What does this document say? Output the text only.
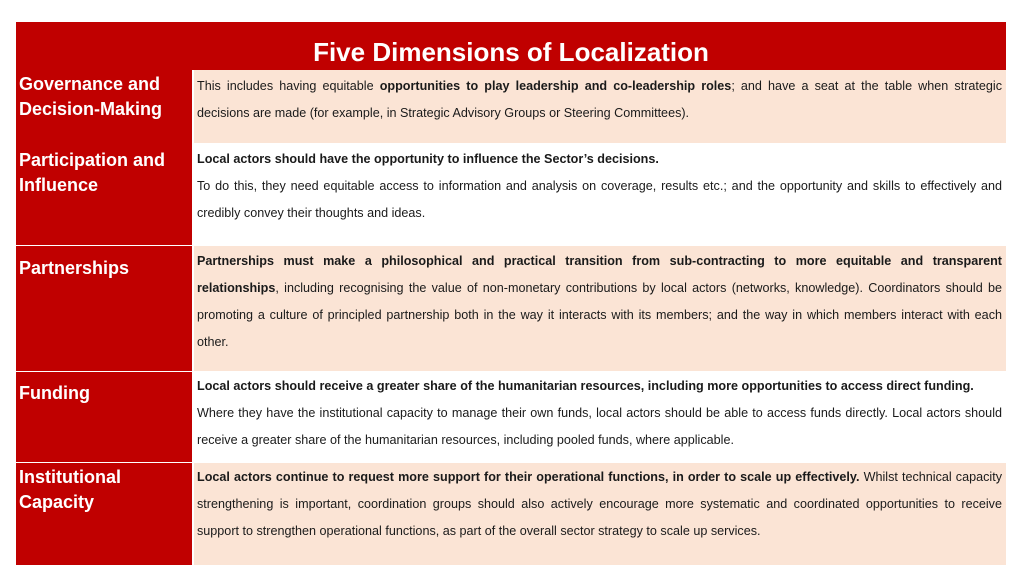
Five Dimensions of Localization
Governance and Decision-Making

This includes having equitable opportunities to play leadership and co-leadership roles; and have a seat at the table when strategic decisions are made (for example, in Strategic Advisory Groups or Steering Committees).

Participation and Influence

Local actors should have the opportunity to influence the Sector’s decisions.

To do this, they need equitable access to information and analysis on coverage, results etc.; and the opportunity and skills to effectively and credibly convey their thoughts and ideas.

Partnerships	Partnerships must make a philosophical and practical transition from sub-contracting to more equitable and transparent relationships, including recognising the value of non-monetary contributions by local actors (networks, knowledge). Coordinators should be promoting a culture of principled partnership both in the way it interacts with its members; and the way in which members interact with each other.

Funding	Local actors should receive a greater share of the humanitarian resources, including more opportunities to access direct funding.

Where they have the institutional capacity to manage their own funds, local actors should be able to access funds directly. Local actors should receive a greater share of the humanitarian resources, including pooled funds, where applicable.

Institutional Capacity

Local actors continue to request more support for their operational functions, in order to scale up effectively. Whilst technical capacity strengthening is important, coordination groups should also actively encourage more systematic and coordinated opportunities to receive support to strengthen operational functions, as part of the overall sector strategy to scale up services.
